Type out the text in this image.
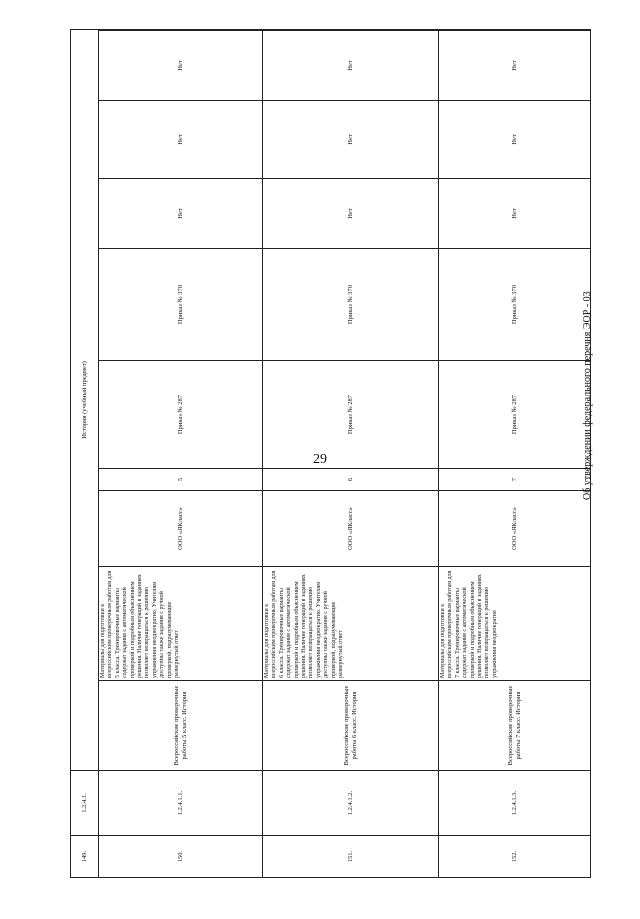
29
149.	1.2.4.1.	История (учебный предмет)									
150.	1.2.4.1.1.	Всероссийские проверочные работы 5 класс. История	Материалы для подготовки к всероссийским проверочным работам для 5 класса. Тренировочные варианты содержат задания с автоматической проверкой и подробным объяснением решения. Наличие генераций в заданиях позволяет возвращаться к решению упражнения неоднократно. Учителям доступны также задания с ручной проверкой, подразумевающие развернутый ответ	ООО «ЯКласс»	5	Приказ № 287	Приказ № 370	Нет	Нет	Нет	
151.	1.2.4.1.2.	Всероссийские проверочные работы 6 класс. История	Материалы для подготовки к всероссийским проверочным работам для 6 класса. Тренировочные варианты содержат задания с автоматической проверкой и подробным объяснением решения. Наличие генераций в заданиях позволяет возвращаться к решению упражнения неоднократно. Учителям доступны также задания с ручной проверкой, подразумевающие развернутый ответ	ООО «ЯКласс»	6	Приказ № 287	Приказ № 370	Нет	Нет	Нет	
152.	1.2.4.1.3.	Всероссийские проверочные работы 7 класс. История	Материалы для подготовки к всероссийским проверочным работам для 7 класса. Тренировочные варианты содержат задания с автоматической проверкой и подробным объяснением решения. Наличие генераций в заданиях позволяет возвращаться к решению упражнения неоднократно	ООО «ЯКласс»	7	Приказ № 287	Приказ № 370	Нет	Нет	Нет	
Об утверждении федерального перечня ЭОР - 03
